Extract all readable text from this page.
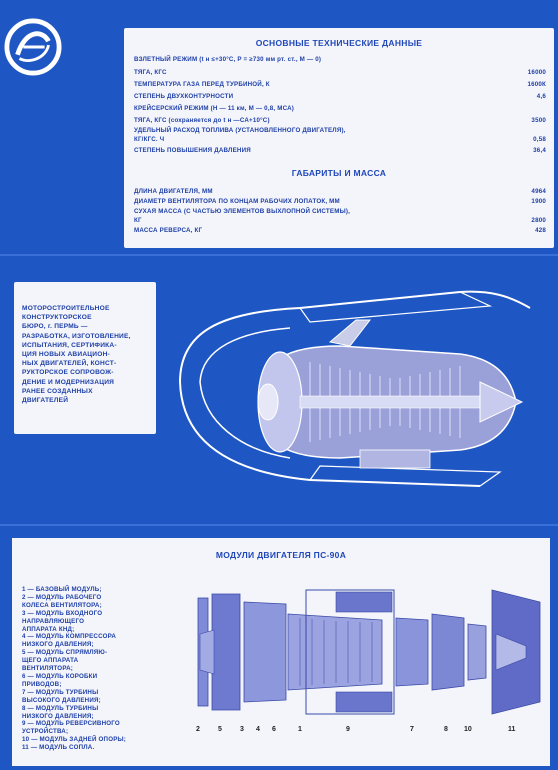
ОСНОВНЫЕ ТЕХНИЧЕСКИЕ ДАННЫЕ
ВЗЛЕТНЫЙ РЕЖИМ (t н ≤+30°C, P = ≥730 мм рт. ст., M — 0)
ТЯГА, КГС	16000
ТЕМПЕРАТУРА ГАЗА ПЕРЕД ТУРБИНОЙ, К	1600К
СТЕПЕНЬ ДВУХКОНТУРНОСТИ	4,6
КРЕЙСЕРСКИЙ РЕЖИМ (Н — 11 км, М — 0,8, МСА)
ТЯГА, КГС (сохраняется до t н —СА+10°С)	3500
УДЕЛЬНЫЙ РАСХОД ТОПЛИВА (УСТАНОВЛЕННОГО ДВИГАТЕЛЯ),
КГ/КГС. Ч	0,58
СТЕПЕНЬ ПОВЫШЕНИЯ ДАВЛЕНИЯ	36,4
ГАБАРИТЫ И МАССА
ДЛИНА ДВИГАТЕЛЯ, ММ	4964
ДИАМЕТР ВЕНТИЛЯТОРА ПО КОНЦАМ РАБОЧИХ ЛОПАТОК, ММ	1900
СУХАЯ МАССА (С ЧАСТЬЮ ЭЛЕМЕНТОВ ВЫХЛОПНОЙ СИСТЕМЫ),
КГ	2800
МАССА РЕВЕРСА, КГ	428
МОТОРОСТРОИТЕЛЬНОЕ
КОНСТРУКТОРСКОЕ
БЮРО, г. ПЕРМЬ —
РАЗРАБОТКА, ИЗГОТОВЛЕНИЕ,
ИСПЫТАНИЯ, СЕРТИФИКА-
ЦИЯ НОВЫХ АВИАЦИОН-
НЫХ ДВИГАТЕЛЕЙ, КОНСТ-
РУКТОРСКОЕ СОПРОВОЖ-
ДЕНИЕ И МОДЕРНИЗАЦИЯ
РАНЕЕ СОЗДАННЫХ
ДВИГАТЕЛЕЙ
МОДУЛИ ДВИГАТЕЛЯ ПС-90А
1 — БАЗОВЫЙ МОДУЛЬ;
2 — МОДУЛЬ РАБОЧЕГО
КОЛЕСА ВЕНТИЛЯТОРА;
3 — МОДУЛЬ ВХОДНОГО
НАПРАВЛЯЮЩЕГО
АППАРАТА КНД;
4 — МОДУЛЬ КОМПРЕССОРА
НИЗКОГО ДАВЛЕНИЯ;
5 — МОДУЛЬ СПРЯМЛЯЮ-
ЩЕГО АППАРАТА
ВЕНТИЛЯТОРА;
6 — МОДУЛЬ КОРОБКИ
ПРИВОДОВ;
7 — МОДУЛЬ ТУРБИНЫ
ВЫСОКОГО ДАВЛЕНИЯ;
8 — МОДУЛЬ ТУРБИНЫ
НИЗКОГО ДАВЛЕНИЯ;
9 — МОДУЛЬ РЕВЕРСИВНОГО
УСТРОЙСТВА;
10 — МОДУЛЬ ЗАДНЕЙ ОПОРЫ;
11 — МОДУЛЬ СОПЛА.
2	5	3 4 6	1	9	7	8 10	11
